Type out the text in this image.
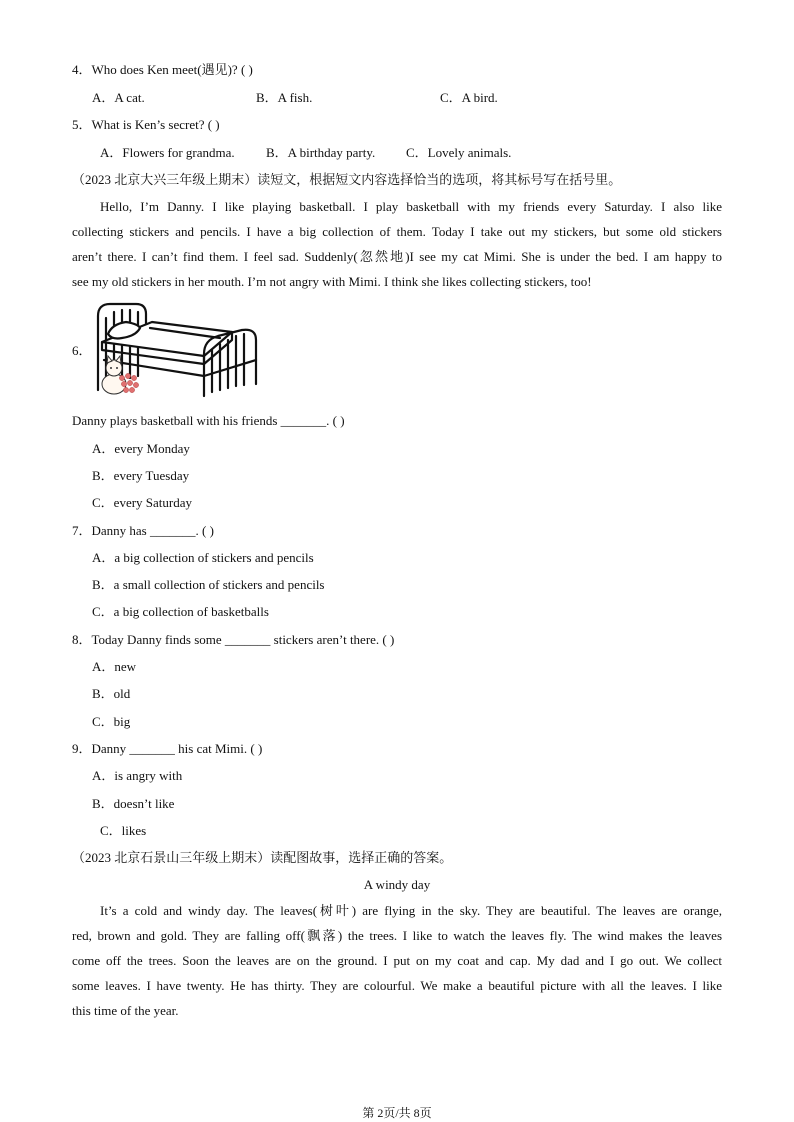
4．Who does Ken meet(遇见)? ( )
A．A cat.	B．A fish.	C．A bird.
5．What is Ken’s secret? ( )
A．Flowers for grandma. B．A birthday party. C．Lovely animals.
（2023 北京大兴三年级上期末）读短文，根据短文内容选择恰当的选项，将其标号写在括号里。

Hello, I’m Danny. I like playing basketball. I play basketball with my friends every Saturday. I also like

collecting stickers and pencils. I have a big collection of them. Today I take out my stickers, but some old stickers

aren’t there. I can’t find them. I feel sad. Suddenly(忽然地)I see my cat Mimi. She is under the bed. I am happy to

see my old stickers in her mouth. I’m not angry with Mimi. I think she likes collecting stickers, too!

6．
Danny plays basketball with his friends _______. ( )
A．every Monday
B．every Tuesday
C．every Saturday
7．Danny has _______. ( )
A．a big collection of stickers and pencils
B．a small collection of stickers and pencils
C．a big collection of basketballs
8．Today Danny finds some _______ stickers aren’t there. ( )
A．new
B．old
C．big
9．Danny _______ his cat Mimi. ( )
A．is angry with
B．doesn’t like
C．likes
（2023 北京石景山三年级上期末）读配图故事，选择正确的答案。
A windy day

It’s a cold and windy day. The leaves(树叶) are flying in the sky. They are beautiful. The leaves are orange,

red, brown and gold. They are falling off(飘落) the trees. I like to watch the leaves fly. The wind makes the leaves

come off the trees. Soon the leaves are on the ground. I put on my coat and cap. My dad and I go out. We collect

some leaves. I have twenty. He has thirty. They are colourful. We make a beautiful picture with all the leaves. I like

this time of the year.

第 2页/共 8页
